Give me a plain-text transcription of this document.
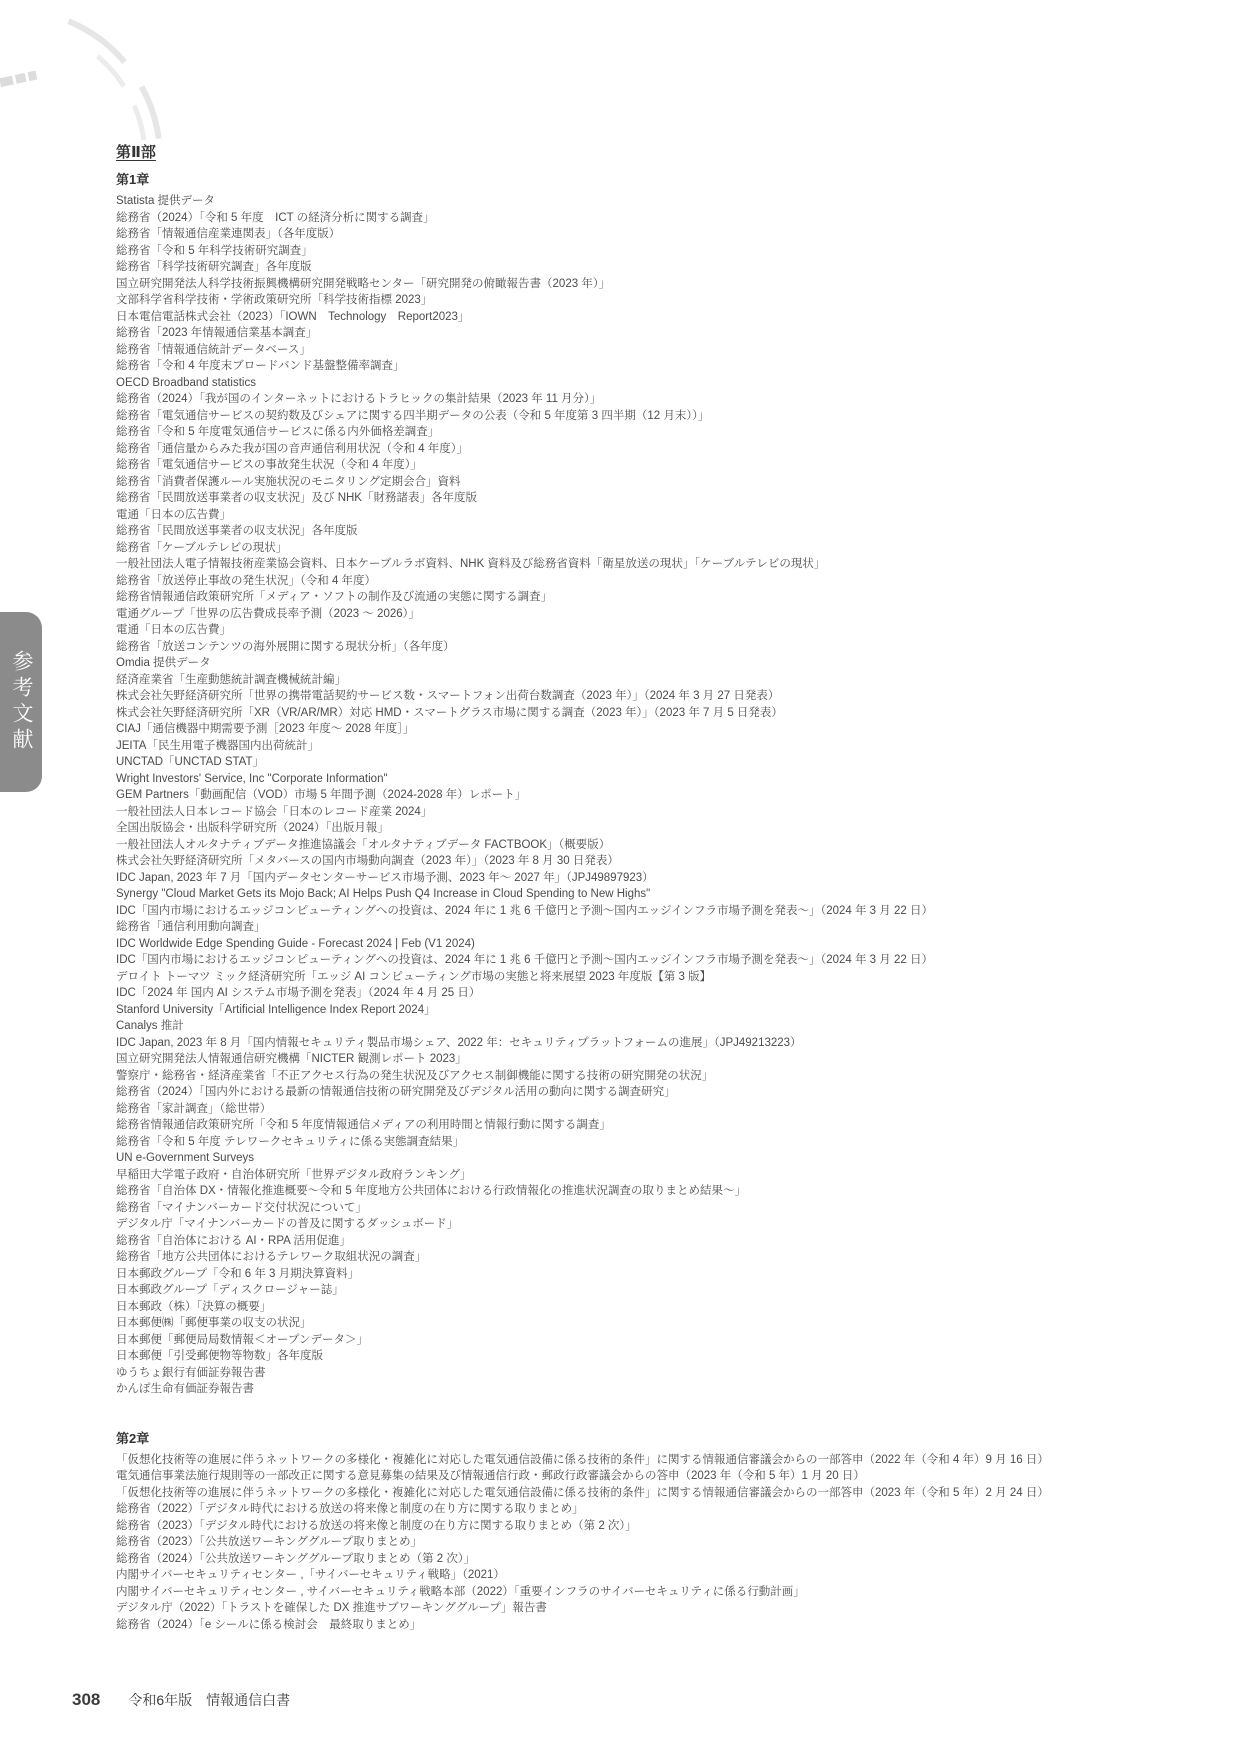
参考文献
第Ⅱ部
第1章
Statista 提供データ
総務省（2024）「令和 5 年度　ICT の経済分析に関する調査」
総務省「情報通信産業連関表」（各年度版）
総務省「令和 5 年科学技術研究調査」
総務省「科学技術研究調査」各年度版
国立研究開発法人科学技術振興機構研究開発戦略センター「研究開発の俯瞰報告書（2023 年）」
文部科学省科学技術・学術政策研究所「科学技術指標 2023」
日本電信電話株式会社（2023）「IOWN　Technology　Report2023」
総務省「2023 年情報通信業基本調査」
総務省「情報通信統計データベース」
総務省「令和 4 年度末ブロードバンド基盤整備率調査」
OECD Broadband statistics
総務省（2024）「我が国のインターネットにおけるトラヒックの集計結果（2023 年 11 月分）」
総務省「電気通信サービスの契約数及びシェアに関する四半期データの公表（令和 5 年度第 3 四半期（12 月末））」
総務省「令和 5 年度電気通信サービスに係る内外価格差調査」
総務省「通信量からみた我が国の音声通信利用状況（令和 4 年度）」
総務省「電気通信サービスの事故発生状況（令和 4 年度）」
総務省「消費者保護ルール実施状況のモニタリング定期会合」資料
総務省「民間放送事業者の収支状況」及び NHK「財務諸表」各年度版
電通「日本の広告費」
総務省「民間放送事業者の収支状況」各年度版
総務省「ケーブルテレビの現状」
一般社団法人電子情報技術産業協会資料、日本ケーブルラボ資料、NHK 資料及び総務省資料「衛星放送の現状」「ケーブルテレビの現状」
総務省「放送停止事故の発生状況」（令和 4 年度）
総務省情報通信政策研究所「メディア・ソフトの制作及び流通の実態に関する調査」
電通グループ「世界の広告費成長率予測（2023 ～ 2026）」
電通「日本の広告費」
総務省「放送コンテンツの海外展開に関する現状分析」（各年度）
Omdia 提供データ
経済産業省「生産動態統計調査機械統計編」
株式会社矢野経済研究所「世界の携帯電話契約サービス数・スマートフォン出荷台数調査（2023 年）」（2024 年 3 月 27 日発表）
株式会社矢野経済研究所「XR（VR/AR/MR）対応 HMD・スマートグラス市場に関する調査（2023 年）」（2023 年 7 月 5 日発表）
CIAJ「通信機器中期需要予測［2023 年度～ 2028 年度］」
JEITA「民生用電子機器国内出荷統計」
UNCTAD「UNCTAD STAT」
Wright Investors' Service, Inc "Corporate Information"
GEM Partners「動画配信（VOD）市場 5 年間予測（2024-2028 年）レポート」
一般社団法人日本レコード協会「日本のレコード産業 2024」
全国出版協会・出版科学研究所（2024）「出版月報」
一般社団法人オルタナティブデータ推進協議会「オルタナティブデータ FACTBOOK」（概要版）
株式会社矢野経済研究所「メタバースの国内市場動向調査（2023 年）」（2023 年 8 月 30 日発表）
IDC Japan, 2023 年 7 月「国内データセンターサービス市場予測、2023 年～ 2027 年」（JPJ49897923）
Synergy "Cloud Market Gets its Mojo Back; AI Helps Push Q4 Increase in Cloud Spending to New Highs"
IDC「国内市場におけるエッジコンピューティングへの投資は、2024 年に 1 兆 6 千億円と予測～国内エッジインフラ市場予測を発表～」（2024 年 3 月 22 日）
総務省「通信利用動向調査」
IDC Worldwide Edge Spending Guide - Forecast 2024 | Feb (V1 2024)
IDC「国内市場におけるエッジコンピューティングへの投資は、2024 年に 1 兆 6 千億円と予測～国内エッジインフラ市場予測を発表～」（2024 年 3 月 22 日）
デロイト トーマツ ミック経済研究所「エッジ AI コンピューティング市場の実態と将来展望 2023 年度版【第 3 版】
IDC「2024 年 国内 AI システム市場予測を発表」（2024 年 4 月 25 日）
Stanford University「Artificial Intelligence Index Report 2024」
Canalys 推計
IDC Japan, 2023 年 8 月「国内情報セキュリティ製品市場シェア、2022 年：セキュリティプラットフォームの進展」（JPJ49213223）
国立研究開発法人情報通信研究機構「NICTER 観測レポート 2023」
警察庁・総務省・経済産業省「不正アクセス行為の発生状況及びアクセス制御機能に関する技術の研究開発の状況」
総務省（2024）「国内外における最新の情報通信技術の研究開発及びデジタル活用の動向に関する調査研究」
総務省「家計調査」（総世帯）
総務省情報通信政策研究所「令和 5 年度情報通信メディアの利用時間と情報行動に関する調査」
総務省「令和 5 年度 テレワークセキュリティに係る実態調査結果」
UN e-Government Surveys
早稲田大学電子政府・自治体研究所「世界デジタル政府ランキング」
総務省「自治体 DX・情報化推進概要～令和 5 年度地方公共団体における行政情報化の推進状況調査の取りまとめ結果～」
総務省「マイナンバーカード交付状況について」
デジタル庁「マイナンバーカードの普及に関するダッシュボード」
総務省「自治体における AI・RPA 活用促進」
総務省「地方公共団体におけるテレワーク取組状況の調査」
日本郵政グループ「令和 6 年 3 月期決算資料」
日本郵政グループ「ディスクロージャー誌」
日本郵政（株）「決算の概要」
日本郵便㈱「郵便事業の収支の状況」
日本郵便「郵便局局数情報＜オープンデータ＞」
日本郵便「引受郵便物等物数」各年度版
ゆうちょ銀行有価証券報告書
かんぽ生命有価証券報告書
第2章
「仮想化技術等の進展に伴うネットワークの多様化・複雑化に対応した電気通信設備に係る技術的条件」に関する情報通信審議会からの一部答申（2022 年（令和 4 年）9 月 16 日）
電気通信事業法施行規則等の一部改正に関する意見募集の結果及び情報通信行政・郵政行政審議会からの答申（2023 年（令和 5 年）1 月 20 日）
「仮想化技術等の進展に伴うネットワークの多様化・複雑化に対応した電気通信設備に係る技術的条件」に関する情報通信審議会からの一部答申（2023 年（令和 5 年）2 月 24 日）
総務省（2022）「デジタル時代における放送の将来像と制度の在り方に関する取りまとめ」
総務省（2023）「デジタル時代における放送の将来像と制度の在り方に関する取りまとめ（第 2 次）」
総務省（2023）「公共放送ワーキンググループ取りまとめ」
総務省（2024）「公共放送ワーキンググループ取りまとめ（第 2 次）」
内閣サイバーセキュリティセンター ,「サイバーセキュリティ戦略」（2021）
内閣サイバーセキュリティセンター , サイバーセキュリティ戦略本部（2022）「重要インフラのサイバーセキュリティに係る行動計画」
デジタル庁（2022）「トラストを確保した DX 推進サブワーキンググループ」報告書
総務省（2024）「e シールに係る検討会　最終取りまとめ」
308 令和6年版　情報通信白書
